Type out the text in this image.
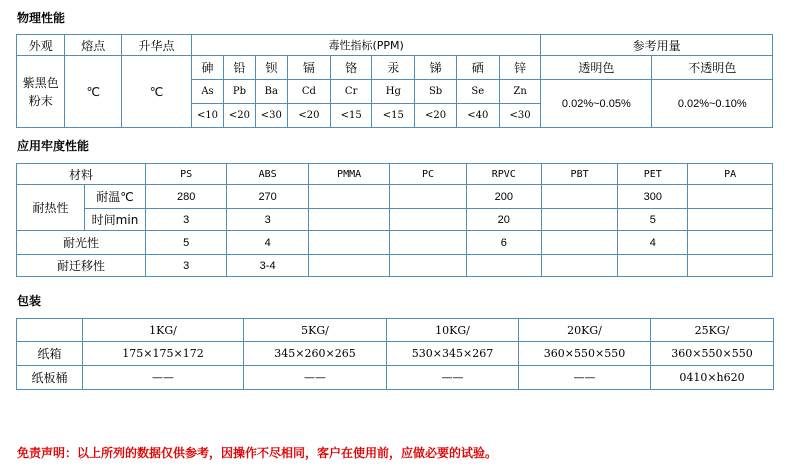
物理性能
外观	熔点	升华点	毒性指标(PPM)									参考用量	
紫黑色粉末	℃	℃	砷	铅	钡	镉	铬	汞	锑	硒	锌	透明色	不透明色
			As	Pb	Ba	Cd	Cr	Hg	Sb	Se	Zn	0.02%~0.05%	0.02%~0.10%
			<10	<20	<30	<20	<15	<15	<20	<40	<30		
应用牢度性能
材料		PS	ABS	PMMA	PC	RPVC	PBT	PET	PA
耐热性	耐温℃	280	270			200		300	
	时间min	3	3			20		5	
耐光性		5	4			6		4	
耐迁移性		3	3-4						
包装
	1KG/	5KG/	10KG/	20KG/	25KG/
纸箱	175×175×172	345×260×265	530×345×267	360×550×550	360×550×550
纸板桶	——	——	——	——	0410×h620
免责声明：以上所列的数据仅供参考，因操作不尽相同，客户在使用前，应做必要的试验。
